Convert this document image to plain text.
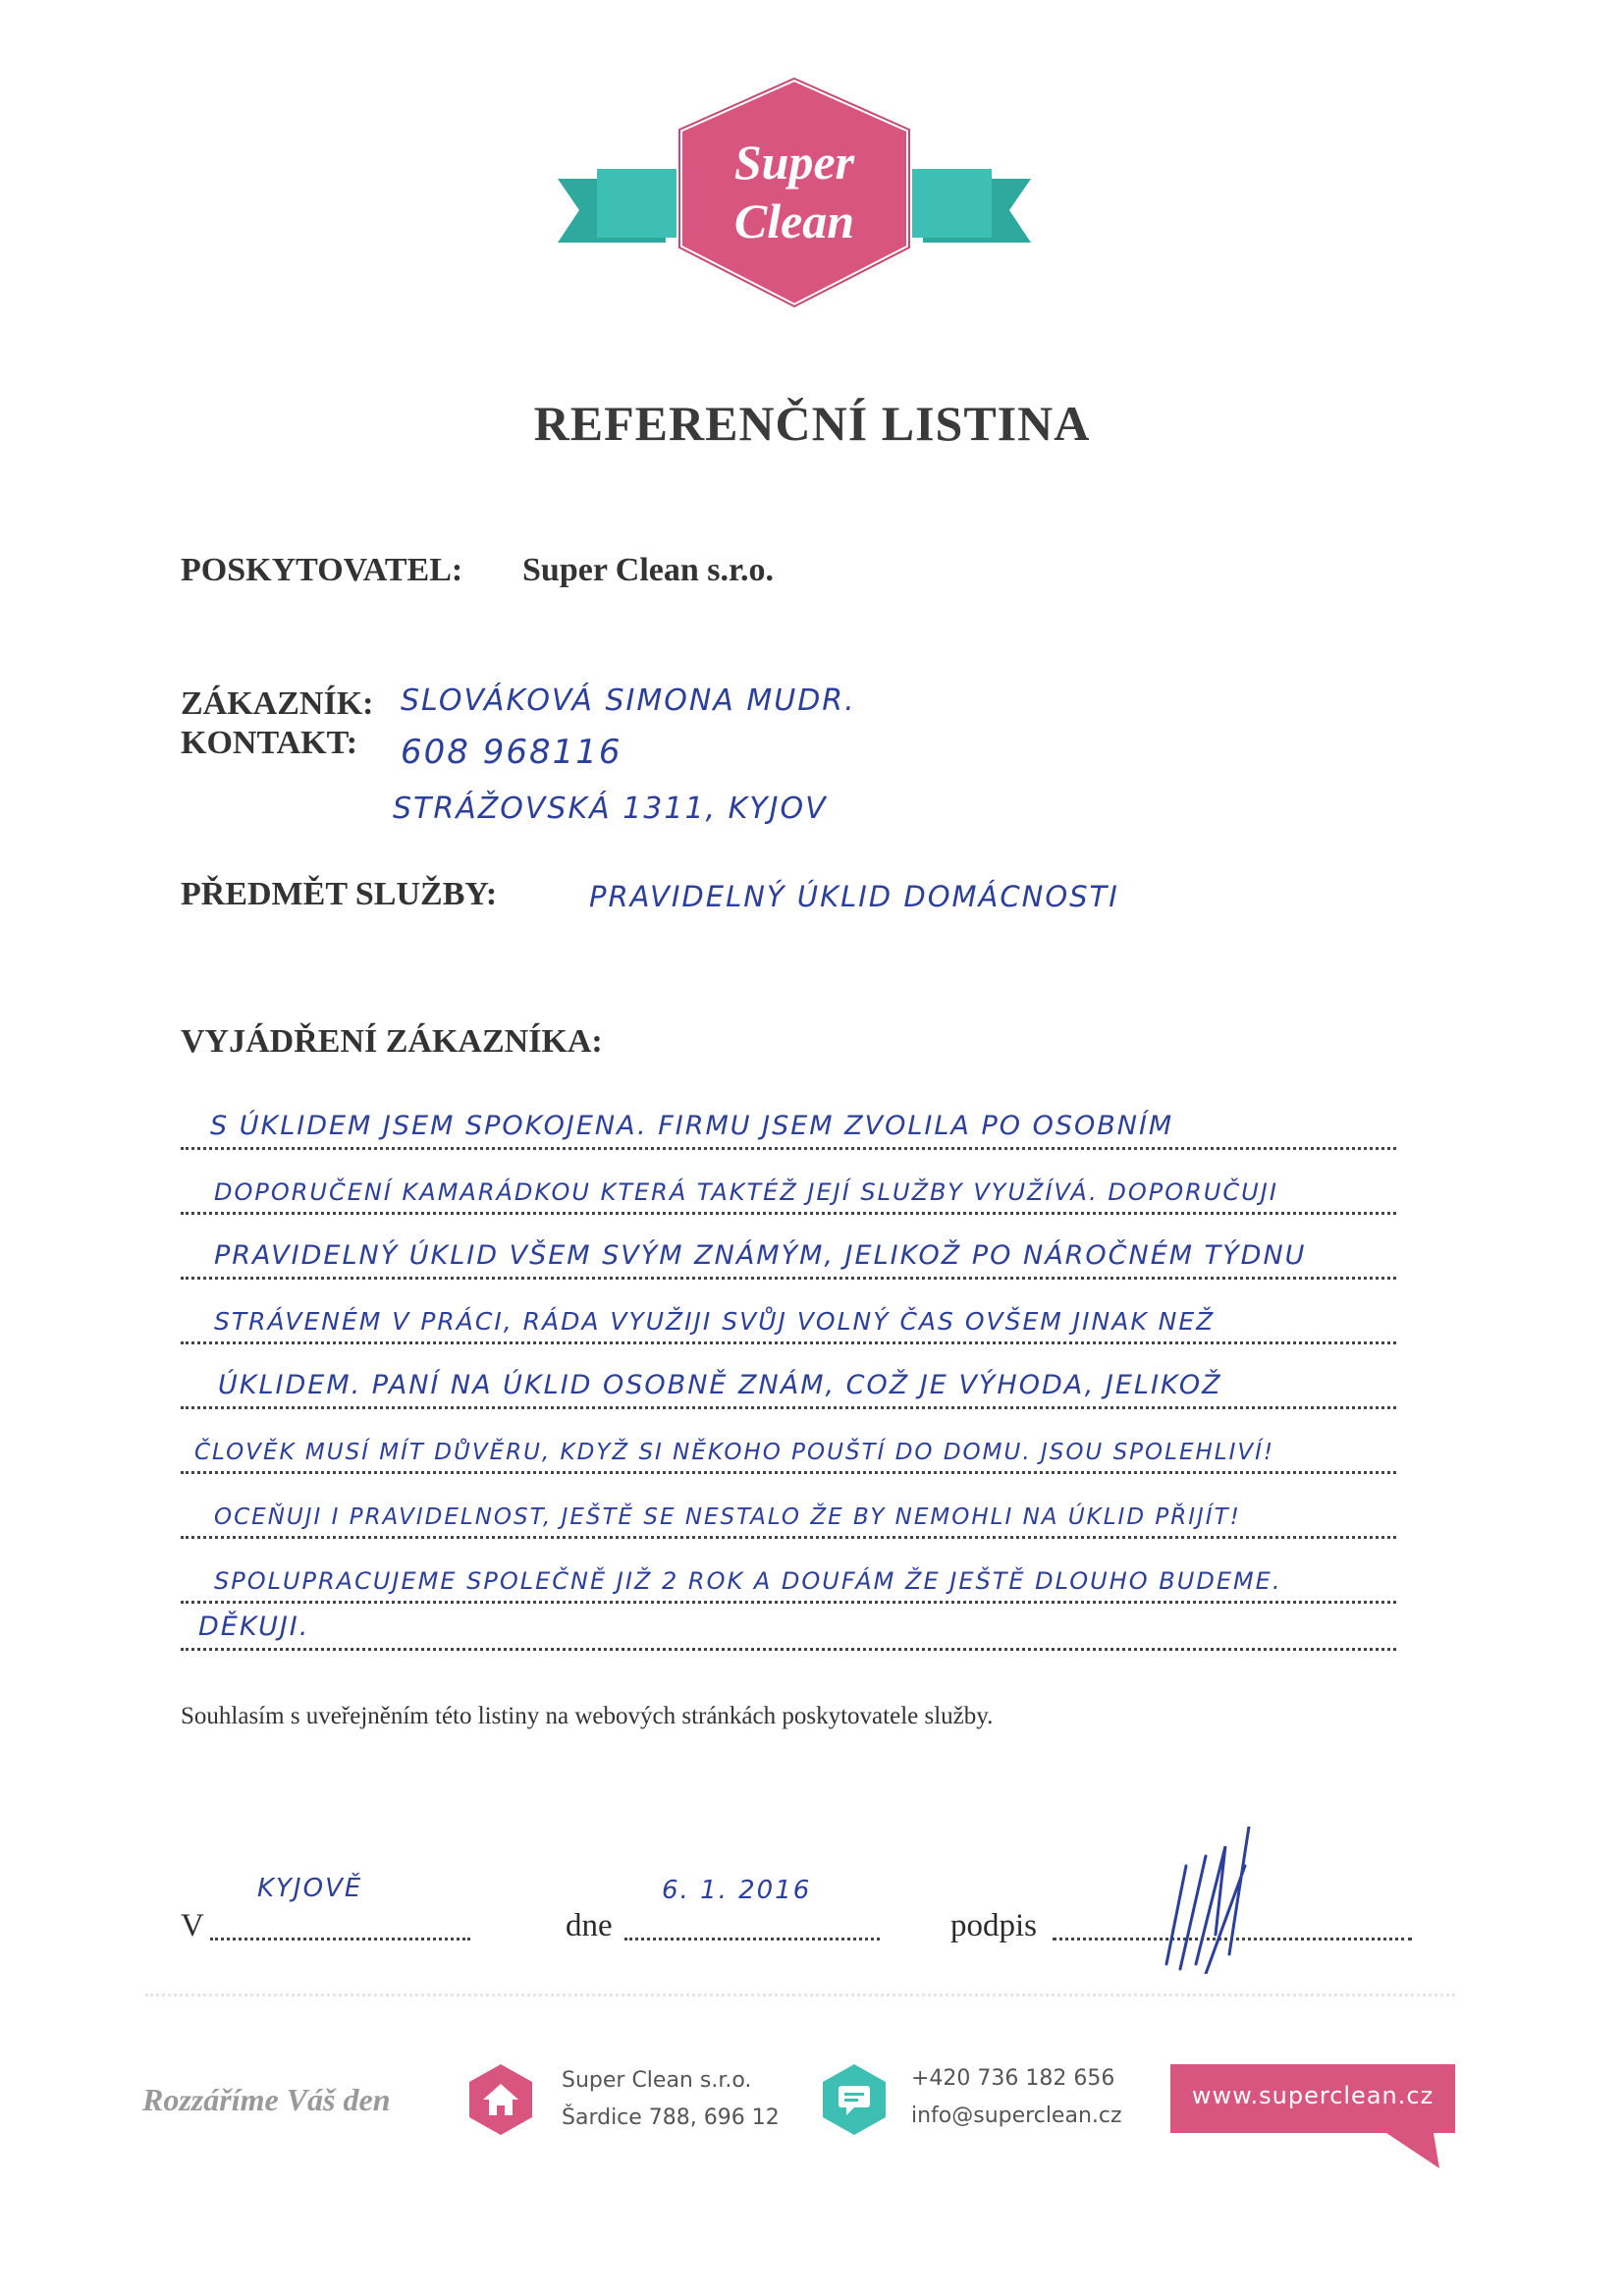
Super
Clean
REFERENČNÍ LISTINA
POSKYTOVATEL: Super Clean s.r.o.
ZÁKAZNÍK: SLOVÁKOVÁ SIMONA MUDR.
KONTAKT: 608 968116
STRÁŽOVSKÁ 1311, KYJOV
PŘEDMĚT SLUŽBY:	PRAVIDELNÝ ÚKLID DOMÁCNOSTI
VYJÁDŘENÍ ZÁKAZNÍKA:
S ÚKLIDEM JSEM SPOKOJENA. FIRMU JSEM ZVOLILA PO OSOBNÍM
DOPORUČENÍ KAMARÁDKOU KTERÁ TAKTÉŽ JEJÍ SLUŽBY VYUŽÍVÁ. DOPORUČUJI
PRAVIDELNÝ ÚKLID VŠEM SVÝM ZNÁMÝM, JELIKOŽ PO NÁROČNÉM TÝDNU
STRÁVENÉM V PRÁCI, RÁDA VYUŽIJI SVŮJ VOLNÝ ČAS OVŠEM JINAK NEŽ
ÚKLIDEM. PANÍ NA ÚKLID OSOBNĚ ZNÁM, COŽ JE VÝHODA, JELIKOŽ
ČLOVĚK MUSÍ MÍT DŮVĚRU, KDYŽ SI NĚKOHO POUŠTÍ DO DOMU. JSOU SPOLEHLIVÍ!
OCEŇUJI I PRAVIDELNOST, JEŠTĚ SE NESTALO ŽE BY NEMOHLI NA ÚKLID PŘIJÍT!
SPOLUPRACUJEME SPOLEČNĚ JIŽ 2 ROK A DOUFÁM ŽE JEŠTĚ DLOUHO BUDEME.
DĚKUJI.
Souhlasím s uveřejněním této listiny na webových stránkách poskytovatele služby.
V
KYJOVĚ
dne
6. 1. 2016
podpis
Rozzáříme Váš den
Super Clean s.r.o.
Šardice 788, 696 12
+420 736 182 656
info@superclean.cz
www.superclean.cz
